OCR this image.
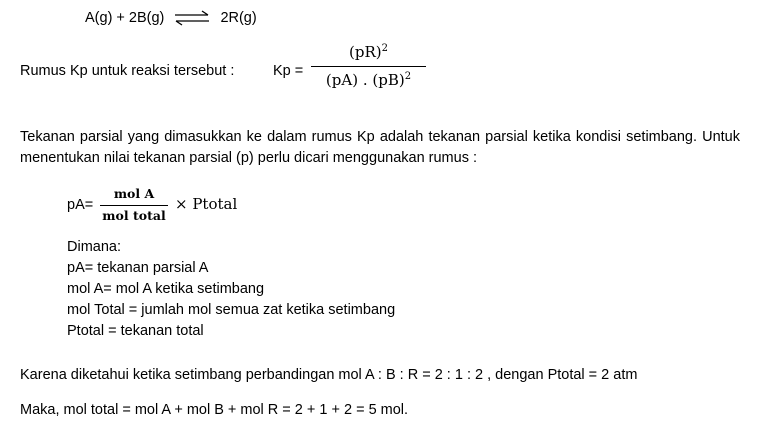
A(g) + 2B(g) ⇌ 2R(g)
Rumus Kp untuk reaksi tersebut :	Kp =
(pR)$^2$
(pA) . (pB)$^2$
Tekanan parsial yang dimasukkan ke dalam rumus Kp adalah tekanan parsial ketika kondisi setimbang. Untuk menentukan nilai tekanan parsial (p) perlu dicari menggunakan rumus :
pA=
mol A
mol total
× Ptotal
Dimana:
pA= tekanan parsial A
mol A= mol A ketika setimbang
mol Total = jumlah mol semua zat ketika setimbang
Ptotal = tekanan total
Karena diketahui ketika setimbang perbandingan mol A : B : R = 2 : 1 : 2 , dengan Ptotal = 2 atm
Maka, mol total = mol A + mol B + mol R = 2 + 1 + 2 = 5 mol.
